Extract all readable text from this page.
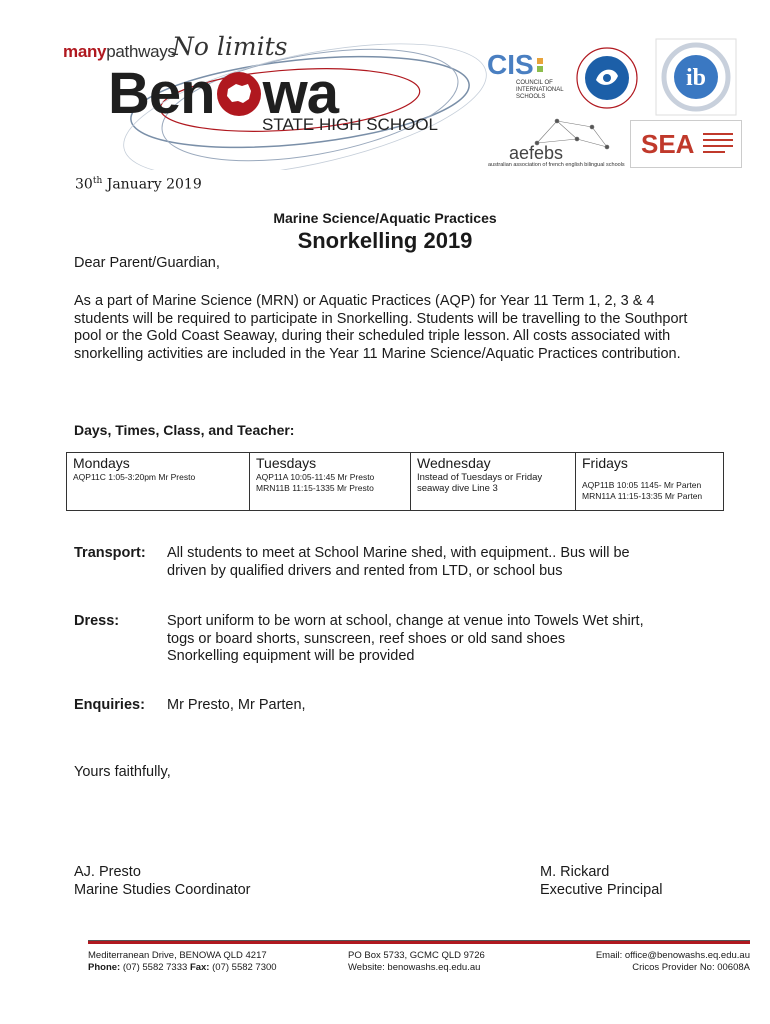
manypathways
No limits
Ben wa
STATE HIGH SCHOOL
CIS
COUNCIL OF INTERNATIONAL SCHOOLS
ib
aefebs
australian association of french english bilingual schools
SEA
30th January 2019
Marine Science/Aquatic Practices
Snorkelling 2019
Dear Parent/Guardian,
As a part of Marine Science (MRN) or Aquatic Practices (AQP) for Year 11 Term 1, 2, 3 & 4 students will be required to participate in Snorkelling. Students will be travelling to the Southport pool or the Gold Coast Seaway, during their scheduled triple lesson. All costs associated with snorkelling activities are included in the Year 11 Marine Science/Aquatic Practices contribution.
Days, Times, Class, and Teacher:
Mondays
AQP11C 1:05-3:20pm Mr Presto

Tuesdays
AQP11A 10:05-11:45 Mr Presto
MRN11B 11:15-1335 Mr Presto

Wednesday
Instead of Tuesdays or Friday
seaway dive Line 3

Fridays
AQP11B 10:05 1145- Mr Parten
MRN11A 11:15-13:35 Mr Parten
Transport: All students to meet at School Marine shed, with equipment.. Bus will be
driven by qualified drivers and rented from LTD, or school bus
Dress:	Sport uniform to be worn at school, change at venue into Towels Wet shirt,
togs or board shorts, sunscreen, reef shoes or old sand shoes
Snorkelling equipment will be provided
Enquiries: Mr Presto, Mr Parten,
Yours faithfully,
AJ. Presto
Marine Studies Coordinator
M. Rickard
Executive Principal
Mediterranean Drive, BENOWA QLD 4217
Phone: (07) 5582 7333 Fax: (07) 5582 7300
PO Box 5733, GCMC QLD 9726
Website: benowashs.eq.edu.au
Email: office@benowashs.eq.edu.au
Cricos Provider No: 00608A
